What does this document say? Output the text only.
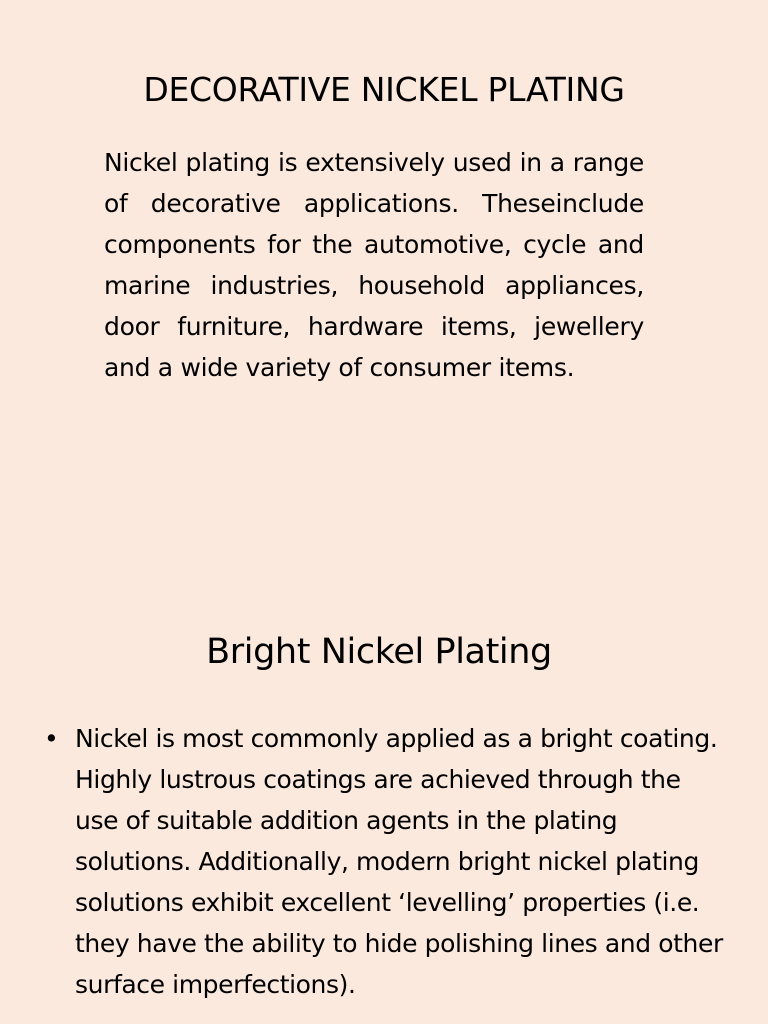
DECORATIVE NICKEL PLATING
Nickel plating is extensively used in a range of decorative applications. Theseinclude components for the automotive, cycle and marine industries, household appliances, door furniture, hardware items, jewellery and a wide variety of consumer items.
Bright Nickel Plating
• Nickel is most commonly applied as a bright coating. Highly lustrous coatings are achieved through the use of suitable addition agents in the plating solutions. Additionally, modern bright nickel plating solutions exhibit excellent ‘levelling’ properties (i.e. they have the ability to hide polishing lines and other surface imperfections).
